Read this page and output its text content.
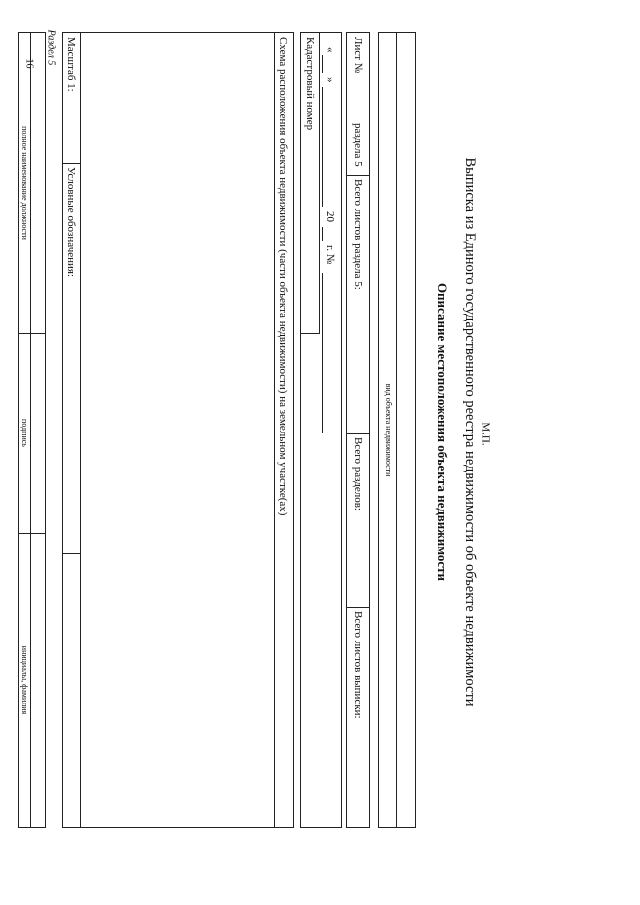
16 Раздел 5
Выписка из Единого государственного реестра недвижимости об объекте недвижимости
Описание местоположения объекта недвижимости
вид объекта недвижимости
Лист №
раздела 5
Всего листов раздела 5:
Всего разделов:
Всего листов выписки:
«
»
20
г. №
Кадастровый номер
Схема расположения объекта недвижимости (части объекта недвижимости) на земельном участке(ах)
Масштаб 1:
Условные обозначения:
полное наименование должности
подпись
инициалы, фамилия
М.П.
